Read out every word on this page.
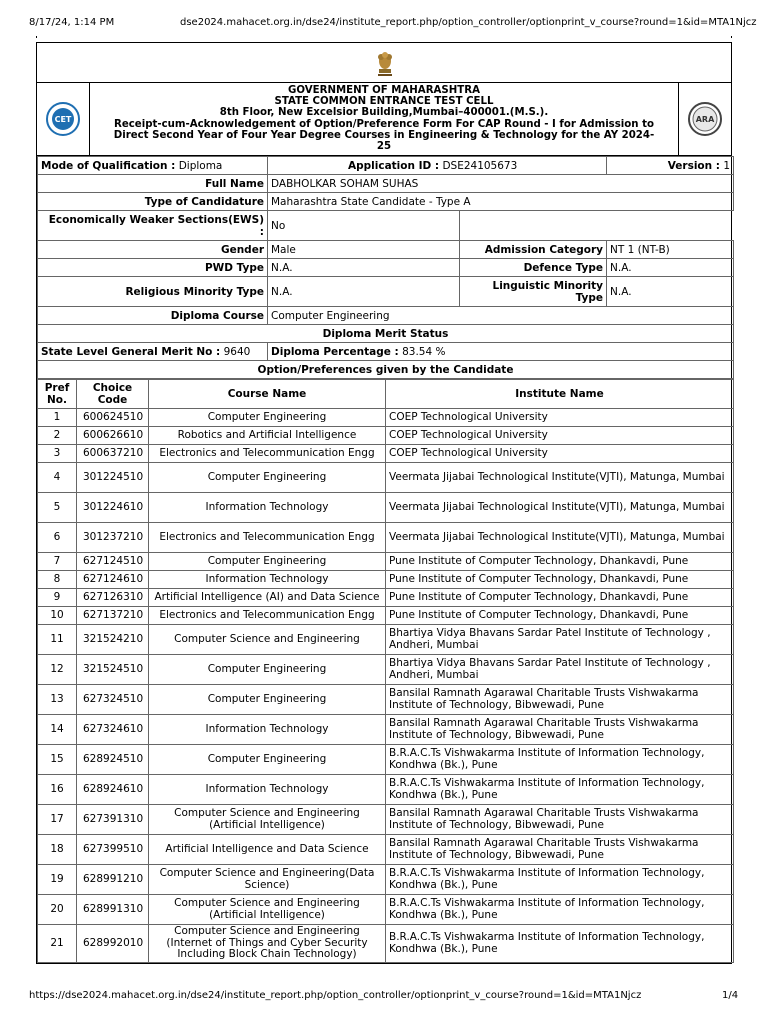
8/17/24, 1:14 PM	dse2024.mahacet.org.in/dse24/institute_report.php/option_controller/optionprint_v_course?round=1&id=MTA1Njcz
CET
GOVERNMENT OF MAHARASHTRA
STATE COMMON ENTRANCE TEST CELL
8th Floor, New Excelsior Building,Mumbai–400001.(M.S.).
Receipt-cum-Acknowledgement of Option/Preference Form For CAP Round - I for Admission to
Direct Second Year of Four Year Degree Courses in Engineering & Technology for the AY 2024-
25
ARA
Mode of Qualification : Diploma	Application ID : DSE24105673		Version : 1
Full Name	DABHOLKAR SOHAM SUHAS		
Type of Candidature	Maharashtra State Candidate - Type A		
Economically Weaker Sections(EWS) :	No		
Gender	Male	Admission Category	NT 1 (NT-B)
PWD Type	N.A.	Defence Type	N.A.
Religious Minority Type	N.A.	Linguistic Minority Type	N.A.
Diploma Course	Computer Engineering		
Diploma Merit Status			
State Level General Merit No : 9640	Diploma Percentage : 83.54 %		
Option/Preferences given by the Candidate			
Pref No.	Choice Code	Course Name	Institute Name
1	600624510	Computer Engineering	COEP Technological University
2	600626610	Robotics and Artificial Intelligence	COEP Technological University
3	600637210	Electronics and Telecommunication Engg	COEP Technological University
4	301224510	Computer Engineering	Veermata Jijabai Technological Institute(VJTI), Matunga, Mumbai
5	301224610	Information Technology	Veermata Jijabai Technological Institute(VJTI), Matunga, Mumbai
6	301237210	Electronics and Telecommunication Engg	Veermata Jijabai Technological Institute(VJTI), Matunga, Mumbai
7	627124510	Computer Engineering	Pune Institute of Computer Technology, Dhankavdi, Pune
8	627124610	Information Technology	Pune Institute of Computer Technology, Dhankavdi, Pune
9	627126310	Artificial Intelligence (AI) and Data Science	Pune Institute of Computer Technology, Dhankavdi, Pune
10	627137210	Electronics and Telecommunication Engg	Pune Institute of Computer Technology, Dhankavdi, Pune
11	321524210	Computer Science and Engineering	Bhartiya Vidya Bhavans Sardar Patel Institute of Technology , Andheri, Mumbai
12	321524510	Computer Engineering	Bhartiya Vidya Bhavans Sardar Patel Institute of Technology , Andheri, Mumbai
13	627324510	Computer Engineering	Bansilal Ramnath Agarawal Charitable Trusts Vishwakarma Institute of Technology, Bibwewadi, Pune
14	627324610	Information Technology	Bansilal Ramnath Agarawal Charitable Trusts Vishwakarma Institute of Technology, Bibwewadi, Pune
15	628924510	Computer Engineering	B.R.A.C.Ts Vishwakarma Institute of Information Technology, Kondhwa (Bk.), Pune
16	628924610	Information Technology	B.R.A.C.Ts Vishwakarma Institute of Information Technology, Kondhwa (Bk.), Pune
17	627391310	Computer Science and Engineering (Artificial Intelligence)	Bansilal Ramnath Agarawal Charitable Trusts Vishwakarma Institute of Technology, Bibwewadi, Pune
18	627399510	Artificial Intelligence and Data Science	Bansilal Ramnath Agarawal Charitable Trusts Vishwakarma Institute of Technology, Bibwewadi, Pune
19	628991210	Computer Science and Engineering(Data Science)	B.R.A.C.Ts Vishwakarma Institute of Information Technology, Kondhwa (Bk.), Pune
20	628991310	Computer Science and Engineering (Artificial Intelligence)	B.R.A.C.Ts Vishwakarma Institute of Information Technology, Kondhwa (Bk.), Pune
21	628992010	Computer Science and Engineering (Internet of Things and Cyber Security Including Block Chain Technology)	B.R.A.C.Ts Vishwakarma Institute of Information Technology, Kondhwa (Bk.), Pune
https://dse2024.mahacet.org.in/dse24/institute_report.php/option_controller/optionprint_v_course?round=1&id=MTA1Njcz	1/4
